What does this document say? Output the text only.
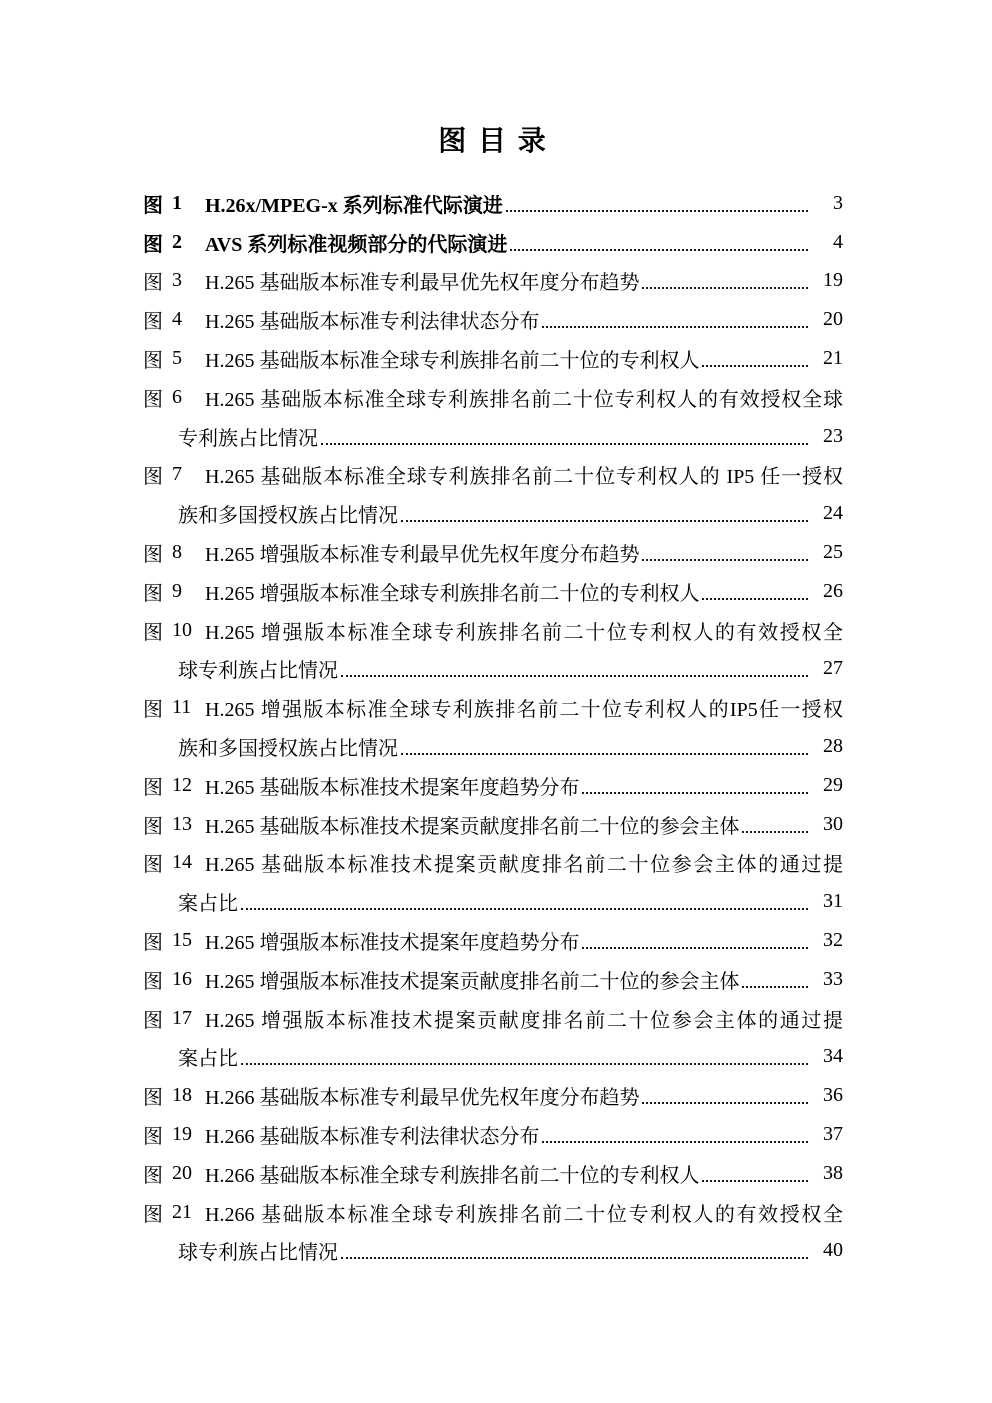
图 目 录
图 1	H.26x/MPEG-x 系列标准代际演进	3
图 2	AVS 系列标准视频部分的代际演进	4
图 3	H.265 基础版本标准专利最早优先权年度分布趋势	19
图 4	H.265 基础版本标准专利法律状态分布	20
图 5	H.265 基础版本标准全球专利族排名前二十位的专利权人	21
图 6	H.265 基础版本标准全球专利族排名前二十位专利权人的有效授权全球
专利族占比情况	23
图 7	H.265 基础版本标准全球专利族排名前二十位专利权人的 IP5 任一授权
族和多国授权族占比情况	24
图 8	H.265 增强版本标准专利最早优先权年度分布趋势	25
图 9	H.265 增强版本标准全球专利族排名前二十位的专利权人	26
图 10 H.265 增强版本标准全球专利族排名前二十位专利权人的有效授权全
球专利族占比情况	27
图 11 H.265 增强版本标准全球专利族排名前二十位专利权人的IP5任一授权
族和多国授权族占比情况	28
图 12 H.265 基础版本标准技术提案年度趋势分布	29
图 13 H.265 基础版本标准技术提案贡献度排名前二十位的参会主体	30
图 14 H.265 基础版本标准技术提案贡献度排名前二十位参会主体的通过提
案占比	31
图 15 H.265 增强版本标准技术提案年度趋势分布	32
图 16 H.265 增强版本标准技术提案贡献度排名前二十位的参会主体	33
图 17 H.265 增强版本标准技术提案贡献度排名前二十位参会主体的通过提
案占比	34
图 18 H.266 基础版本标准专利最早优先权年度分布趋势	36
图 19 H.266 基础版本标准专利法律状态分布	37
图 20 H.266 基础版本标准全球专利族排名前二十位的专利权人	38
图 21 H.266 基础版本标准全球专利族排名前二十位专利权人的有效授权全
球专利族占比情况	40
